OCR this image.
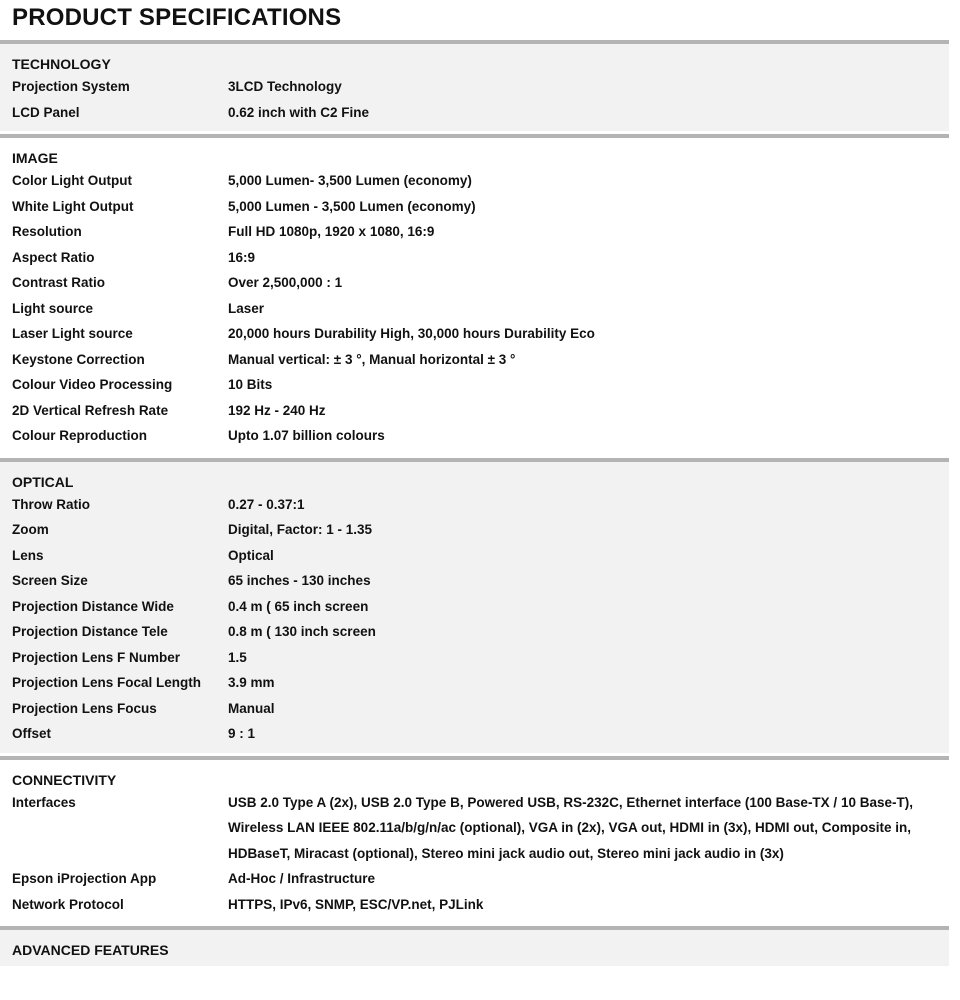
PRODUCT SPECIFICATIONS
TECHNOLOGY
Projection System	3LCD Technology
LCD Panel	0.62 inch with C2 Fine
IMAGE
Color Light Output	5,000 Lumen- 3,500 Lumen (economy)
White Light Output	5,000 Lumen - 3,500 Lumen (economy)
Resolution	Full HD 1080p, 1920 x 1080, 16:9
Aspect Ratio	16:9
Contrast Ratio	Over 2,500,000 : 1
Light source	Laser
Laser Light source	20,000 hours Durability High, 30,000 hours Durability Eco
Keystone Correction	Manual vertical: ± 3 °, Manual horizontal ± 3 °
Colour Video Processing	10 Bits
2D Vertical Refresh Rate	192 Hz - 240 Hz
Colour Reproduction	Upto 1.07 billion colours
OPTICAL
Throw Ratio	0.27 - 0.37:1
Zoom	Digital, Factor: 1 - 1.35
Lens	Optical
Screen Size	65 inches - 130 inches
Projection Distance Wide	0.4 m ( 65 inch screen
Projection Distance Tele	0.8 m ( 130 inch screen
Projection Lens F Number	1.5
Projection Lens Focal Length	3.9 mm
Projection Lens Focus	Manual
Offset	9 : 1
CONNECTIVITY
Interfaces	USB 2.0 Type A (2x), USB 2.0 Type B, Powered USB, RS-232C, Ethernet interface (100 Base-TX / 10 Base-T), Wireless LAN IEEE 802.11a/b/g/n/ac (optional), VGA in (2x), VGA out, HDMI in (3x), HDMI out, Composite in, HDBaseT, Miracast (optional), Stereo mini jack audio out, Stereo mini jack audio in (3x)
Epson iProjection App	Ad-Hoc / Infrastructure
Network Protocol	HTTPS, IPv6, SNMP, ESC/VP.net, PJLink
ADVANCED FEATURES
